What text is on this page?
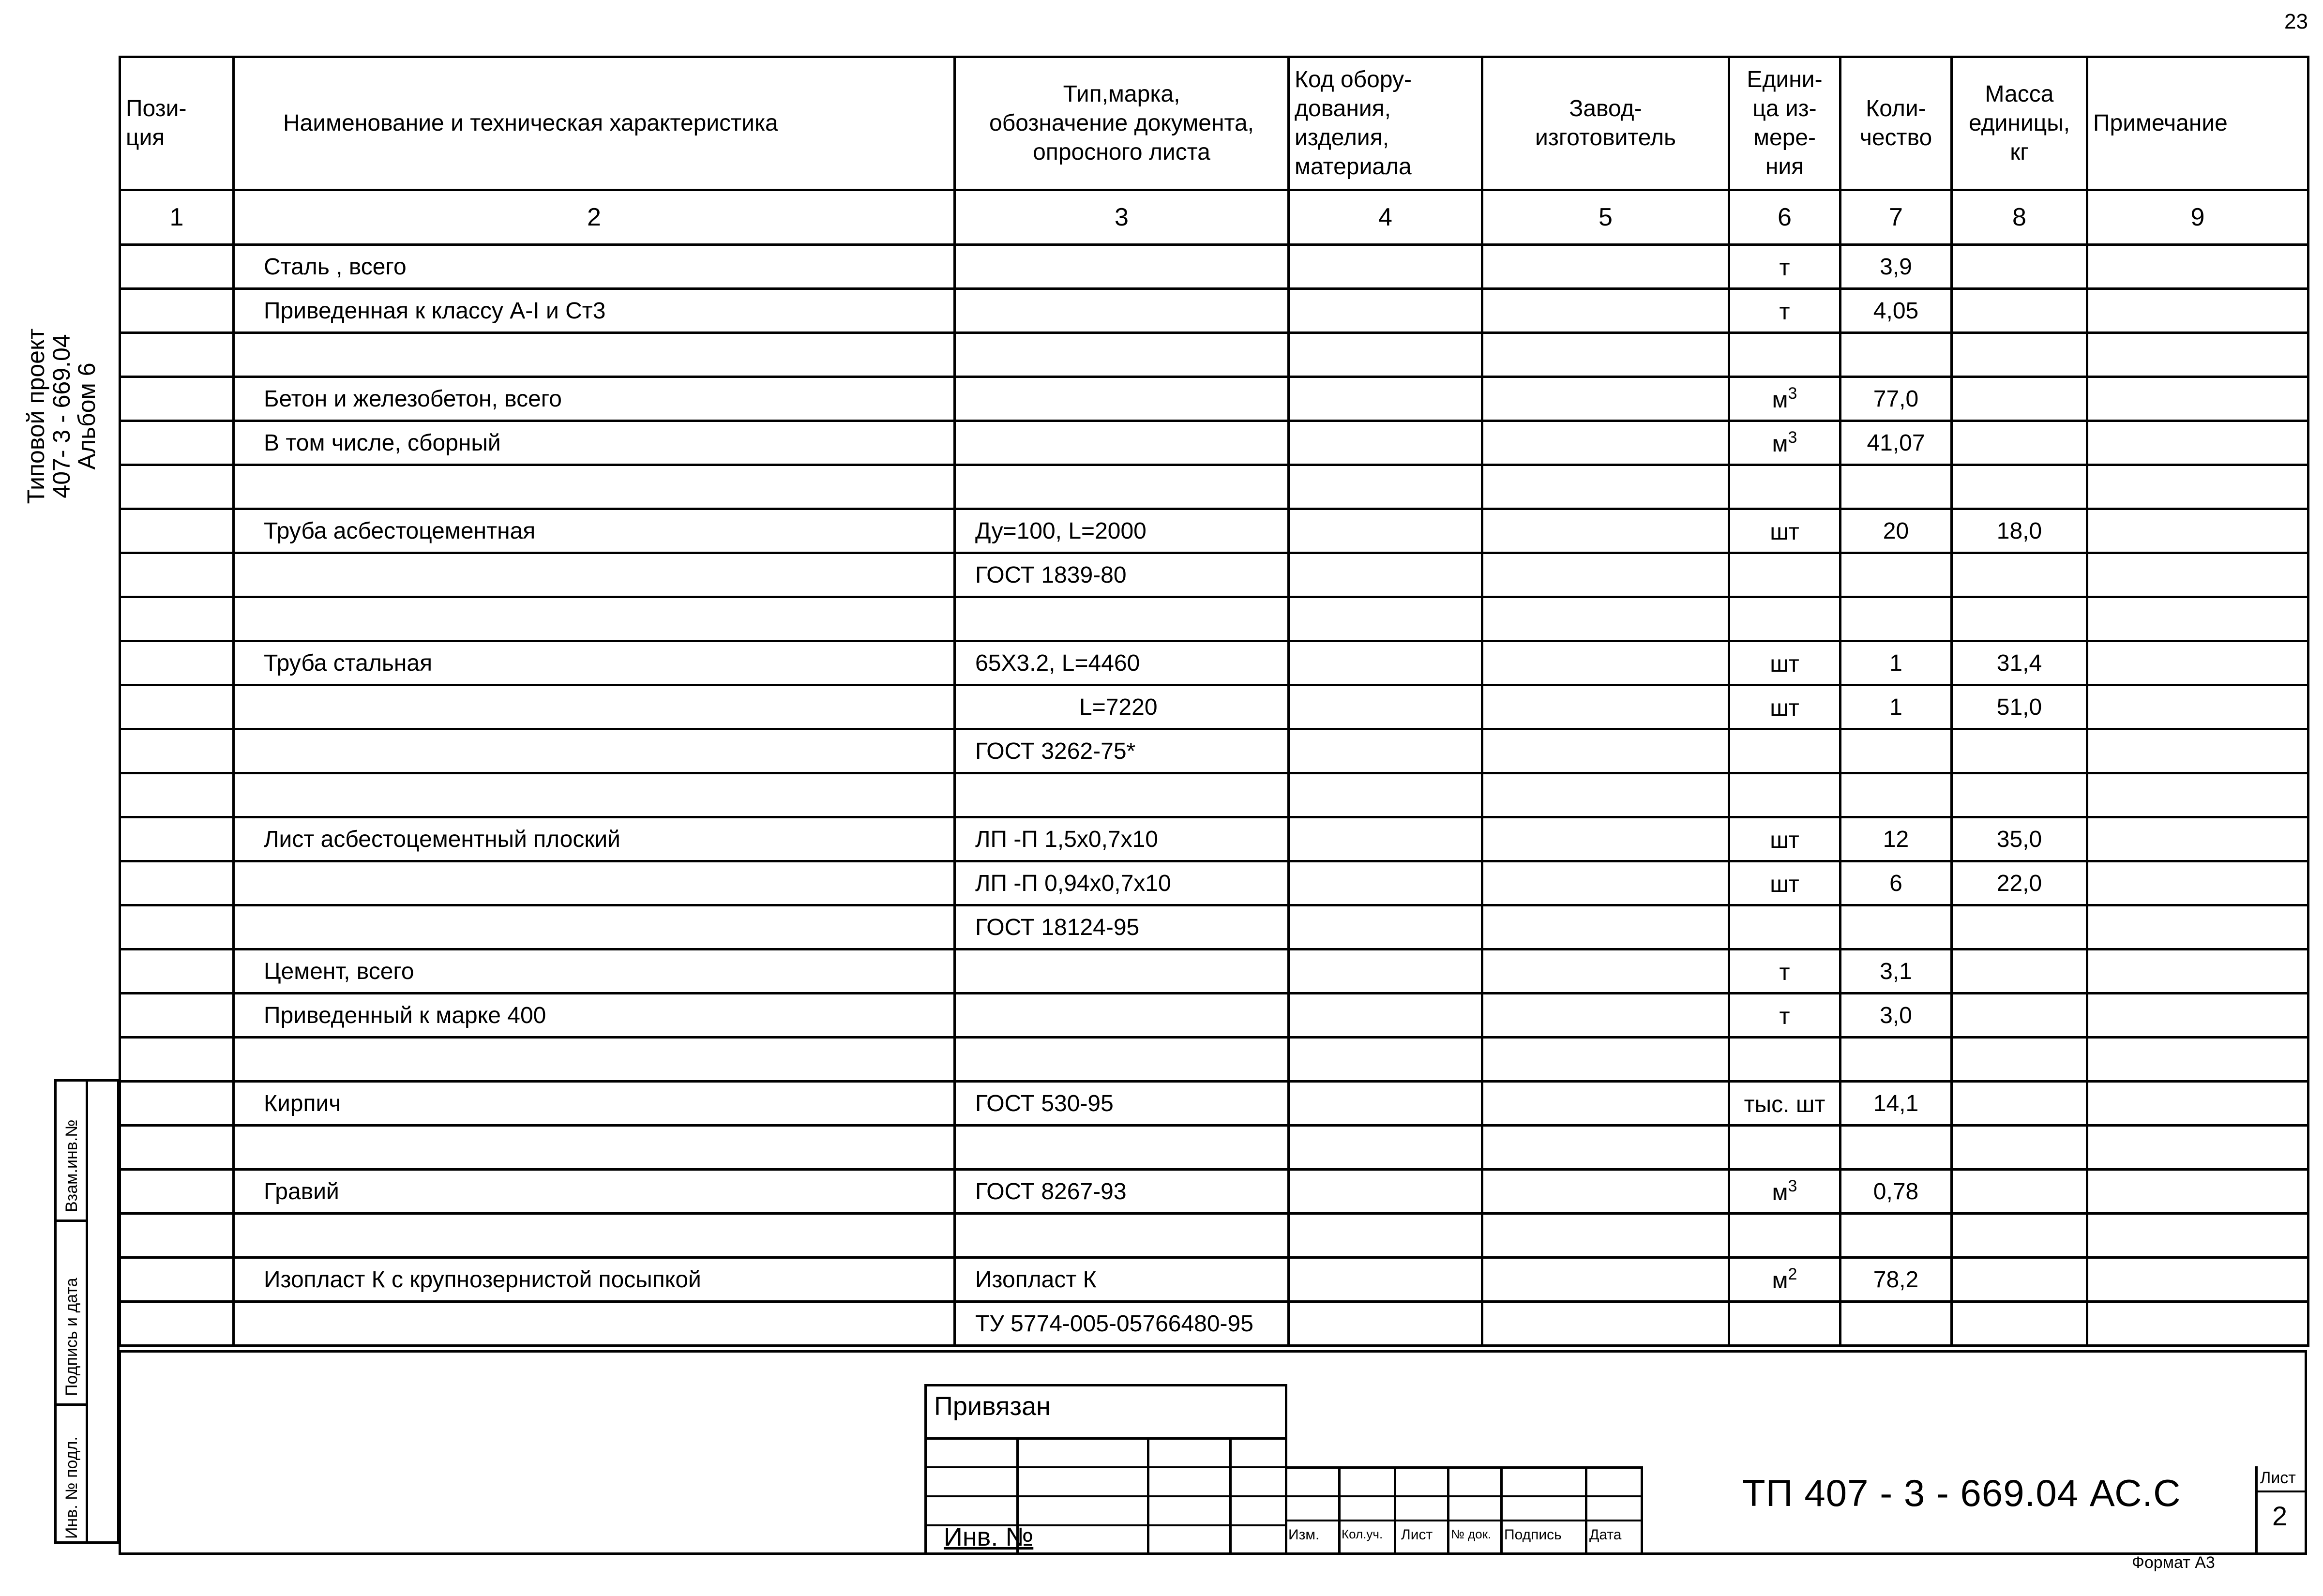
23
Типовой проект
407- 3 - 669.04
Альбом 6
Пози-
ция	Наименование и техническая характеристика	Тип,марка,
обозначение документа,
опросного листа	Код обору-
дования,
изделия,
материала	Завод-
изготовитель	Едини-
ца из-
мере-
ния	Коли-
чество	Масса
единицы,
кг	Примечание
1	2	3	4	5	6	7	8	9
	Сталь , всего				т	3,9		
	Приведенная к классу А-I и Ст3				т	4,05		

	Бетон и железобетон, всего				$м^3$	77,0		
	В том числе, сборный				$м^3$	41,07		

	Труба асбестоцементная	Ду=100, L=2000			шт	20	18,0	
		ГОСТ 1839-80						

	Труба стальная	65Х3.2, L=4460			шт	1	31,4	
		L=7220			шт	1	51,0	
		ГОСТ 3262-75*						

	Лист асбестоцементный плоский	ЛП -П 1,5х0,7х10			шт	12	35,0	
		ЛП -П 0,94х0,7х10			шт	6	22,0	
		ГОСТ 18124-95						
	Цемент, всего				т	3,1		
	Приведенный к марке 400				т	3,0		

	Кирпич	ГОСТ 530-95			тыс. шт	14,1		

	Гравий	ГОСТ 8267-93			$м^3$	0,78		

	Изопласт К с крупнозернистой посыпкой	Изопласт К			$м^2$	78,2		
		ТУ 5774-005-05766480-95						
Взам.инв.№
Подпись и дата
Инв. № подл.
Привязан
Инв. №	Изм. Кол.уч. Лист № док. Подпись Дата
ТП 407 - 3 - 669.04 АС.С	Лист
2
Формат А3
